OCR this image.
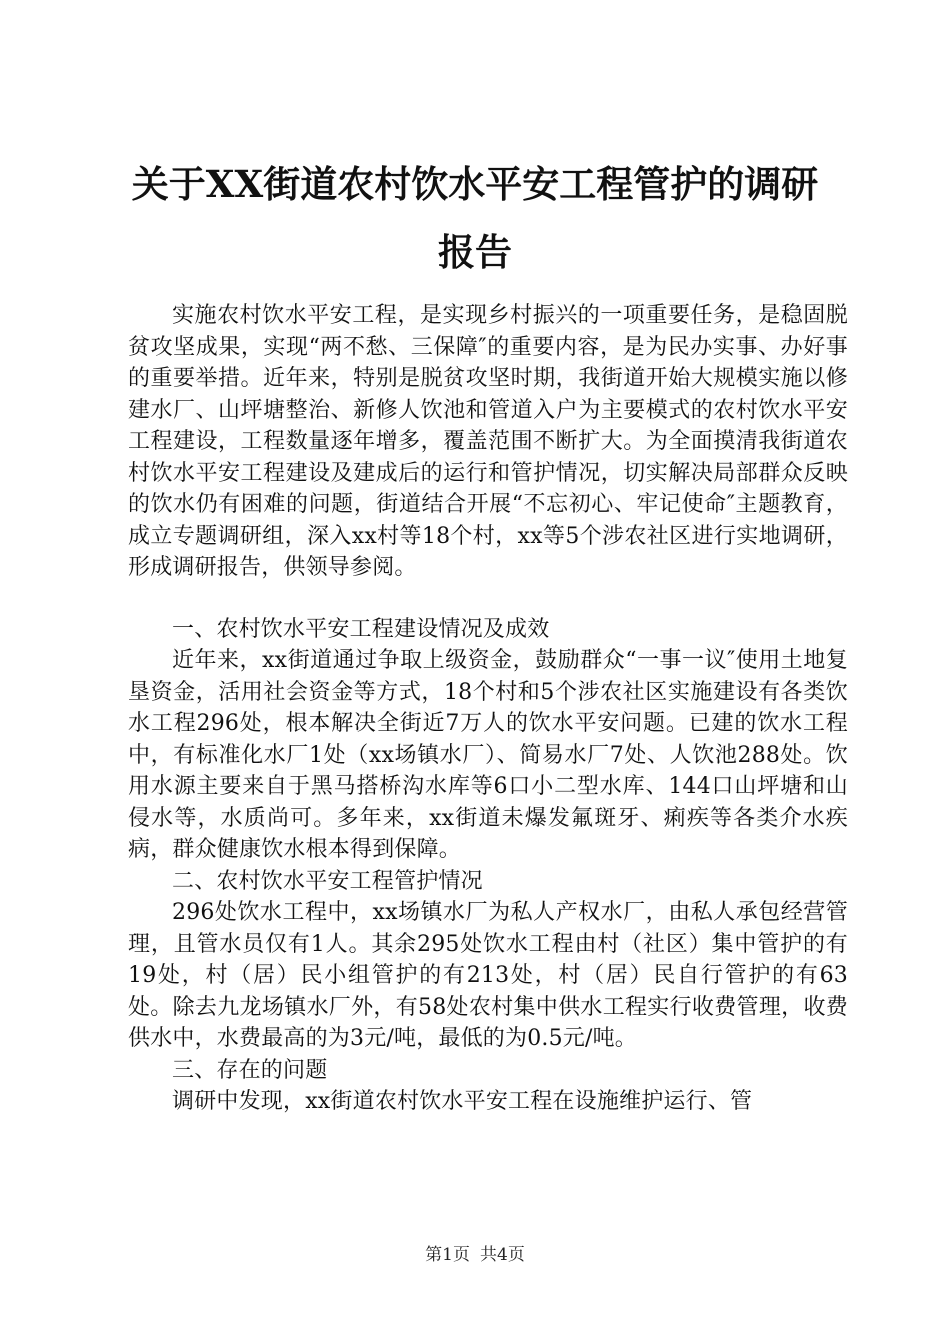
关于XX街道农村饮水平安工程管护的调研报告

实施农村饮水平安工程，是实现乡村振兴的一项重要任务，是稳固脱贫攻坚成果，实现“两不愁、三保障″的重要内容，是为民办实事、办好事的重要举措。近年来，特别是脱贫攻坚时期，我街道开始大规模实施以修建水厂、山坪塘整治、新修人饮池和管道入户为主要模式的农村饮水平安工程建设，工程数量逐年增多，覆盖范围不断扩大。为全面摸清我街道农村饮水平安工程建设及建成后的运行和管护情况，切实解决局部群众反映的饮水仍有困难的问题，街道结合开展“不忘初心、牢记使命″主题教育，成立专题调研组，深入xx村等18个村，xx等5个涉农社区进行实地调研，形成调研报告，供领导参阅。

一、农村饮水平安工程建设情况及成效

近年来，xx街道通过争取上级资金，鼓励群众“一事一议″使用土地复垦资金，活用社会资金等方式，18个村和5个涉农社区实施建设有各类饮水工程296处，根本解决全街近7万人的饮水平安问题。已建的饮水工程中，有标准化水厂1处（xx场镇水厂）、简易水厂7处、人饮池288处。饮用水源主要来自于黑马搭桥沟水库等6口小二型水库、144口山坪塘和山侵水等，水质尚可。多年来，xx街道未爆发氟斑牙、痢疾等各类介水疾病，群众健康饮水根本得到保障。

二、农村饮水平安工程管护情况

296处饮水工程中，xx场镇水厂为私人产权水厂，由私人承包经营管理，且管水员仅有1人。其余295处饮水工程由村（社区）集中管护的有19处，村（居）民小组管护的有213处，村（居）民自行管护的有63处。除去九龙场镇水厂外，有58处农村集中供水工程实行收费管理，收费供水中，水费最高的为3元/吨，最低的为0.5元/吨。

三、存在的问题

调研中发现，xx街道农村饮水平安工程在设施维护运行、管

第1页 共4页
